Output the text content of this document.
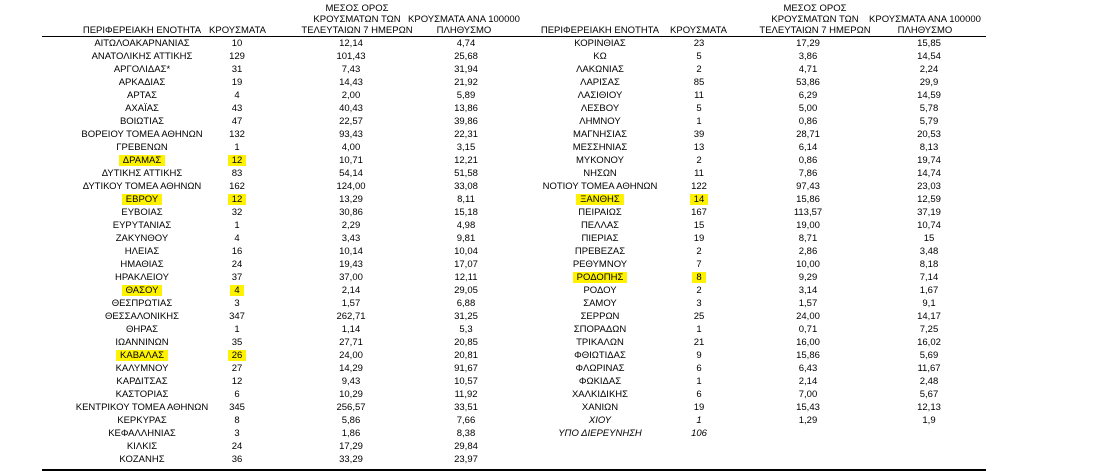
ΠΕΡΙΦΕΡΕΙΑΚΗ ΕΝΟΤΗΤΑ ΚΡΟΥΣΜΑΤΑ
ΜΕΣΟΣ ΟΡΟΣ
ΚΡΟΥΣΜΑΤΩΝ ΤΩΝ
ΤΕΛΕΥΤΑΙΩΝ 7 ΗΜΕΡΩΝ
ΚΡΟΥΣΜΑΤΑ ΑΝΑ 100000
ΠΛΗΘΥΣΜΟ	ΠΕΡΙΦΕΡΕΙΑΚΗ ΕΝΟΤΗΤΑ	ΚΡΟΥΣΜΑΤΑ
ΜΕΣΟΣ ΟΡΟΣ
ΚΡΟΥΣΜΑΤΩΝ ΤΩΝ
ΤΕΛΕΥΤΑΙΩΝ 7 ΗΜΕΡΩΝ
ΚΡΟΥΣΜΑΤΑ ΑΝΑ 100000
ΠΛΗΘΥΣΜΟ
ΑΙΤΩΛΟΑΚΑΡΝΑΝΙΑΣ	10	12,14	4,74
ΑΝΑΤΟΛΙΚΗΣ ΑΤΤΙΚΗΣ	129	101,43	25,68
ΑΡΓΟΛΙΔΑΣ*	31	7,43	31,94
ΑΡΚΑΔΙΑΣ	19	14,43	21,92
ΑΡΤΑΣ	4	2,00	5,89
ΑΧΑΪΑΣ	43	40,43	13,86
ΒΟΙΩΤΙΑΣ	47	22,57	39,86
ΒΟΡΕΙΟΥ ΤΟΜΕΑ ΑΘΗΝΩΝ	132	93,43	22,31
ΓΡΕΒΕΝΩΝ	1	4,00	3,15
ΔΡΑΜΑΣ	12	10,71	12,21
ΔΥΤΙΚΗΣ ΑΤΤΙΚΗΣ	83	54,14	51,58
ΔΥΤΙΚΟΥ ΤΟΜΕΑ ΑΘΗΝΩΝ	162	124,00	33,08
ΕΒΡΟΥ	12	13,29	8,11
ΕΥΒΟΙΑΣ	32	30,86	15,18
ΕΥΡΥΤΑΝΙΑΣ	1	2,29	4,98
ΖΑΚΥΝΘΟΥ	4	3,43	9,81
ΗΛΕΙΑΣ	16	10,14	10,04
ΗΜΑΘΙΑΣ	24	19,43	17,07
ΗΡΑΚΛΕΙΟΥ	37	37,00	12,11
ΘΑΣΟΥ	4	2,14	29,05
ΘΕΣΠΡΩΤΙΑΣ	3	1,57	6,88
ΘΕΣΣΑΛΟΝΙΚΗΣ	347	262,71	31,25
ΘΗΡΑΣ	1	1,14	5,3
ΙΩΑΝΝΙΝΩΝ	35	27,71	20,85
ΚΑΒΑΛΑΣ	26	24,00	20,81
ΚΑΛΥΜΝΟΥ	27	14,29	91,67
ΚΑΡΔΙΤΣΑΣ	12	9,43	10,57
ΚΑΣΤΟΡΙΑΣ	6	10,29	11,92
ΚΕΝΤΡΙΚΟΥ ΤΟΜΕΑ ΑΘΗΝΩΝ	345	256,57	33,51
ΚΕΡΚΥΡΑΣ	8	5,86	7,66
ΚΕΦΑΛΛΗΝΙΑΣ	3	1,86	8,38
ΚΙΛΚΙΣ	24	17,29	29,84
ΚΟΖΑΝΗΣ	36	33,29	23,97
ΚΟΡΙΝΘΙΑΣ	23	17,29	15,85
ΚΩ	5	3,86	14,54
ΛΑΚΩΝΙΑΣ	2	4,71	2,24
ΛΑΡΙΣΑΣ	85	53,86	29,9
ΛΑΣΙΘΙΟΥ	11	6,29	14,59
ΛΕΣΒΟΥ	5	5,00	5,78
ΛΗΜΝΟΥ	1	0,86	5,79
ΜΑΓΝΗΣΙΑΣ	39	28,71	20,53
ΜΕΣΣΗΝΙΑΣ	13	6,14	8,13
ΜΥΚΟΝΟΥ	2	0,86	19,74
ΝΗΣΩΝ	11	7,86	14,74
ΝΟΤΙΟΥ ΤΟΜΕΑ ΑΘΗΝΩΝ	122	97,43	23,03
ΞΑΝΘΗΣ	14	15,86	12,59
ΠΕΙΡΑΙΩΣ	167	113,57	37,19
ΠΕΛΛΑΣ	15	19,00	10,74
ΠΙΕΡΙΑΣ	19	8,71	15
ΠΡΕΒΕΖΑΣ	2	2,86	3,48
ΡΕΘΥΜΝΟΥ	7	10,00	8,18
ΡΟΔΟΠΗΣ	8	9,29	7,14
ΡΟΔΟΥ	2	3,14	1,67
ΣΑΜΟΥ	3	1,57	9,1
ΣΕΡΡΩΝ	25	24,00	14,17
ΣΠΟΡΑΔΩΝ	1	0,71	7,25
ΤΡΙΚΑΛΩΝ	21	16,00	16,02
ΦΘΙΩΤΙΔΑΣ	9	15,86	5,69
ΦΛΩΡΙΝΑΣ	6	6,43	11,67
ΦΩΚΙΔΑΣ	1	2,14	2,48
ΧΑΛΚΙΔΙΚΗΣ	6	7,00	5,67
ΧΑΝΙΩΝ	19	15,43	12,13
ΧΙΟΥ	1	1,29	1,9
ΥΠΟ ΔΙΕΡΕΥΝΗΣΗ	106
